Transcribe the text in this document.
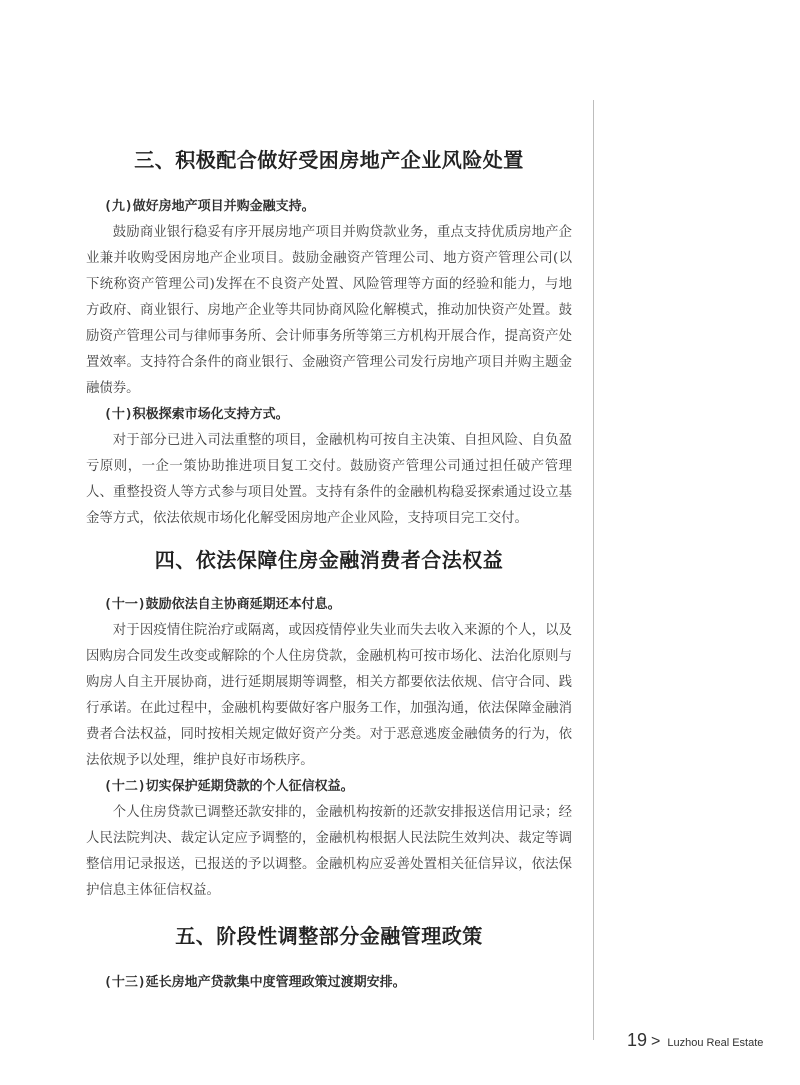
三、积极配合做好受困房地产企业风险处置

(九)做好房地产项目并购金融支持。

鼓励商业银行稳妥有序开展房地产项目并购贷款业务，重点支持优质房地产企业兼并收购受困房地产企业项目。鼓励金融资产管理公司、地方资产管理公司(以下统称资产管理公司)发挥在不良资产处置、风险管理等方面的经验和能力，与地方政府、商业银行、房地产企业等共同协商风险化解模式，推动加快资产处置。鼓励资产管理公司与律师事务所、会计师事务所等第三方机构开展合作，提高资产处置效率。支持符合条件的商业银行、金融资产管理公司发行房地产项目并购主题金融债券。

(十)积极探索市场化支持方式。

对于部分已进入司法重整的项目，金融机构可按自主决策、自担风险、自负盈亏原则，一企一策协助推进项目复工交付。鼓励资产管理公司通过担任破产管理人、重整投资人等方式参与项目处置。支持有条件的金融机构稳妥探索通过设立基金等方式，依法依规市场化化解受困房地产企业风险，支持项目完工交付。

四、依法保障住房金融消费者合法权益

(十一)鼓励依法自主协商延期还本付息。

对于因疫情住院治疗或隔离，或因疫情停业失业而失去收入来源的个人，以及因购房合同发生改变或解除的个人住房贷款，金融机构可按市场化、法治化原则与购房人自主开展协商，进行延期展期等调整，相关方都要依法依规、信守合同、践行承诺。在此过程中，金融机构要做好客户服务工作，加强沟通，依法保障金融消费者合法权益，同时按相关规定做好资产分类。对于恶意逃废金融债务的行为，依法依规予以处理，维护良好市场秩序。

(十二)切实保护延期贷款的个人征信权益。

个人住房贷款已调整还款安排的，金融机构按新的还款安排报送信用记录；经人民法院判决、裁定认定应予调整的，金融机构根据人民法院生效判决、裁定等调整信用记录报送，已报送的予以调整。金融机构应妥善处置相关征信异议，依法保护信息主体征信权益。

五、阶段性调整部分金融管理政策

(十三)延长房地产贷款集中度管理政策过渡期安排。

19 > Luzhou Real Estate
